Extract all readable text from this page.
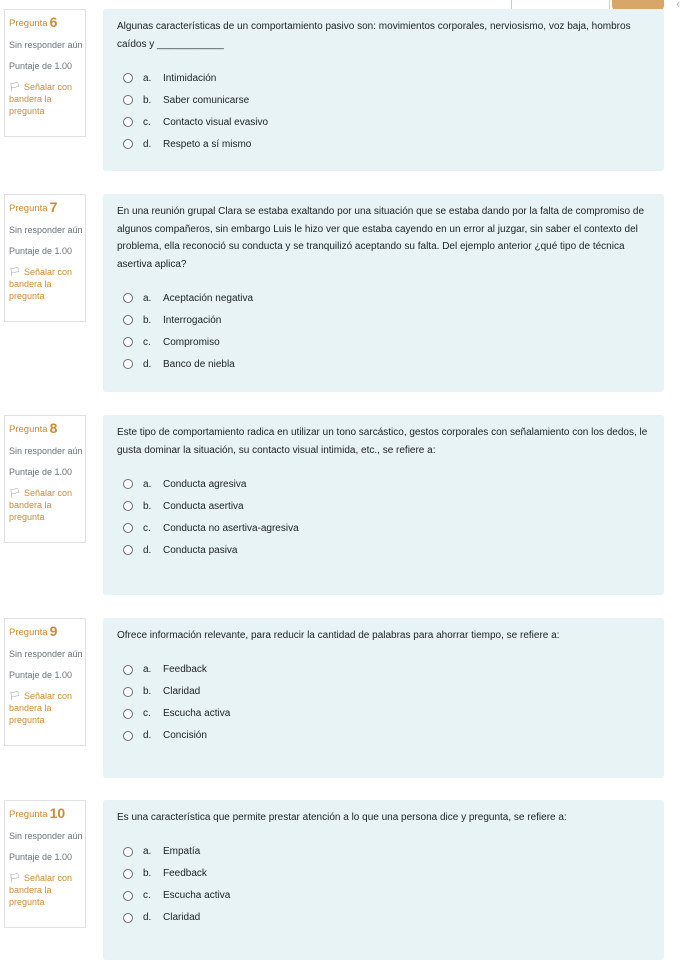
‹
Pregunta 6
Sin responder aún
Puntaje de 1.00
🏳︎ Señalar con bandera la pregunta
Algunas características de un comportamiento pasivo son: movimientos corporales, nerviosismo, voz baja, hombros caídos y ____________
a.	Intimidación
b.	Saber comunicarse
c.	Contacto visual evasivo
d.	Respeto a sí mismo
Pregunta 7
Sin responder aún
Puntaje de 1.00
🏳︎ Señalar con bandera la pregunta
En una reunión grupal Clara se estaba exaltando por una situación que se estaba dando por la falta de compromiso de algunos compañeros, sin embargo Luis le hizo ver que estaba cayendo en un error al juzgar, sin saber el contexto del problema, ella reconoció su conducta y se tranquilizó aceptando su falta. Del ejemplo anterior ¿qué tipo de técnica asertiva aplica?
a.	Aceptación negativa
b.	Interrogación
c.	Compromiso
d.	Banco de niebla
Pregunta 8
Sin responder aún
Puntaje de 1.00
🏳︎ Señalar con bandera la pregunta
Este tipo de comportamiento radica en utilizar un tono sarcástico, gestos corporales con señalamiento con los dedos, le gusta dominar la situación, su contacto visual intimida, etc., se refiere a:
a.	Conducta agresiva
b.	Conducta asertiva
c.	Conducta no asertiva-agresiva
d.	Conducta pasiva
Pregunta 9
Sin responder aún
Puntaje de 1.00
🏳︎ Señalar con bandera la pregunta
Ofrece información relevante, para reducir la cantidad de palabras para ahorrar tiempo, se refiere a:
a.	Feedback
b.	Claridad
c.	Escucha activa
d.	Concisión
Pregunta 10
Sin responder aún
Puntaje de 1.00
🏳︎ Señalar con bandera la pregunta
Es una característica que permite prestar atención a lo que una persona dice y pregunta, se refiere a:
a.	Empatía
b.	Feedback
c.	Escucha activa
d.	Claridad
